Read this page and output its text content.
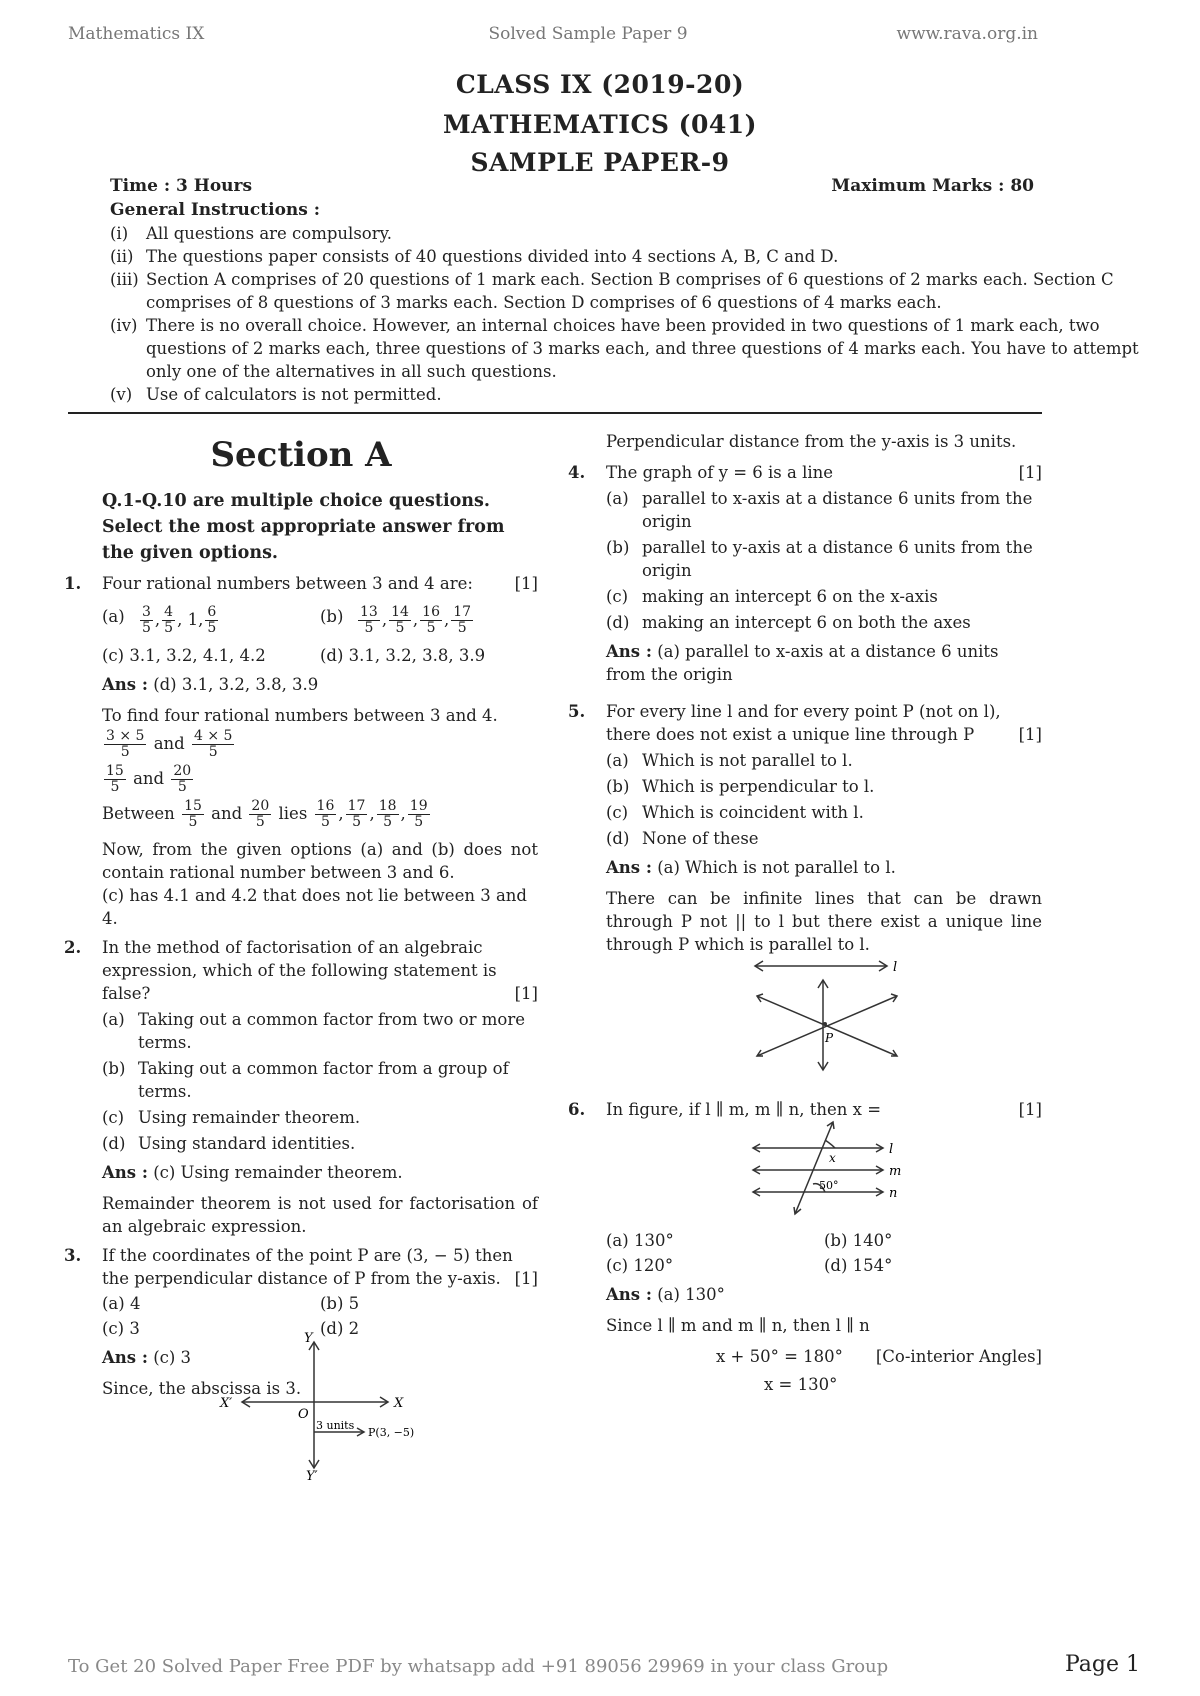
Mathematics IX	Solved Sample Paper 9	www.rava.org.in
CLASS IX (2019-20)
MATHEMATICS (041)
SAMPLE PAPER-9
Time : 3 Hours	Maximum Marks : 80
General Instructions :
(i)	All questions are compulsory.
(ii) The questions paper consists of 40 questions divided into 4 sections A, B, C and D.
(iii) Section A comprises of 20 questions of 1 mark each. Section B comprises of 6 questions of 2 marks each. Section C comprises of 8 questions of 3 marks each. Section D comprises of 6 questions of 4 marks each.
(iv) There is no overall choice. However, an internal choices have been provided in two questions of 1 mark each, two questions of 2 marks each, three questions of 3 marks each, and three questions of 4 marks each. You have to attempt only one of the alternatives in all such questions.
(v) Use of calculators is not permitted.
Section A
Q.1-Q.10 are multiple choice questions. Select the most appropriate answer from the given options.
1.	[1]
Four rational numbers between 3 and 4 are:
(a)	$\frac{3}{5}$ , $\frac{4}{5}$ , 1, $\frac{6}{5}$	(b)	$\frac{13}{5}$ , $\frac{14}{5}$ , $\frac{16}{5}$ , $\frac{17}{5}$
(c) 3.1, 3.2, 4.1, 4.2	(d) 3.1, 3.2, 3.8, 3.9
Ans : (d) 3.1, 3.2, 3.8, 3.9
To find four rational numbers between 3 and 4.
$\frac{3 \times 5}{5}$ and $\frac{4 \times 5}{5}$
$\frac{15}{5}$ and $\frac{20}{5}$
Between $\frac{15}{5}$ and $\frac{20}{5}$ lies $\frac{16}{5}$ , $\frac{17}{5}$ , $\frac{18}{5}$ , $\frac{19}{5}$
Now, from the given options (a) and (b) does not contain rational number between 3 and 6.
(c) has 4.1 and 4.2 that does not lie between 3 and 4.
2. In the method of factorisation of an algebraic expression, which of the following statement is false?	[1]
(a) Taking out a common factor from two or more terms.
(b) Taking out a common factor from a group of terms.
(c) Using remainder theorem.
(d) Using standard identities.
Ans : (c) Using remainder theorem.
Remainder theorem is not used for factorisation of an algebraic expression.
3. If the coordinates of the point P are (3, − 5) then the perpendicular distance of P from the y-axis. [1]
(a) 4	(b) 5
(c) 3	(d) 2
Ans : (c) 3
Since, the abscissa is 3.
Y
Y′
X
X′
O
3 units
P(3, −5)
Perpendicular distance from the y-axis is 3 units.
4.	[1]
The graph of y = 6 is a line
(a) parallel to x-axis at a distance 6 units from the origin
(b) parallel to y-axis at a distance 6 units from the origin
(c) making an intercept 6 on the x-axis
(d) making an intercept 6 on both the axes
Ans : (a) parallel to x-axis at a distance 6 units from the origin
5. For every line l and for every point P (not on l), there does not exist a unique line through P	[1]
(a) Which is not parallel to l.
(b) Which is perpendicular to l.
(c) Which is coincident with l.
(d) None of these
Ans : (a) Which is not parallel to l.
There can be infinite lines that can be drawn through P not || to l but there exist a unique line through P which is parallel to l.
6.	[1]
In figure, if l ∥ m, m ∥ n, then x =
(a) 130°	(b) 140°
(c) 120°	(d) 154°
Ans : (a) 130°
Since l ∥ m and m ∥ n, then l ∥ n
x + 50° = 180° [Co-interior Angles]
x = 130°
l
P
l
m
n
x
50°
To Get 20 Solved Paper Free PDF by whatsapp add +91 89056 29969 in your class Group	Page 1
